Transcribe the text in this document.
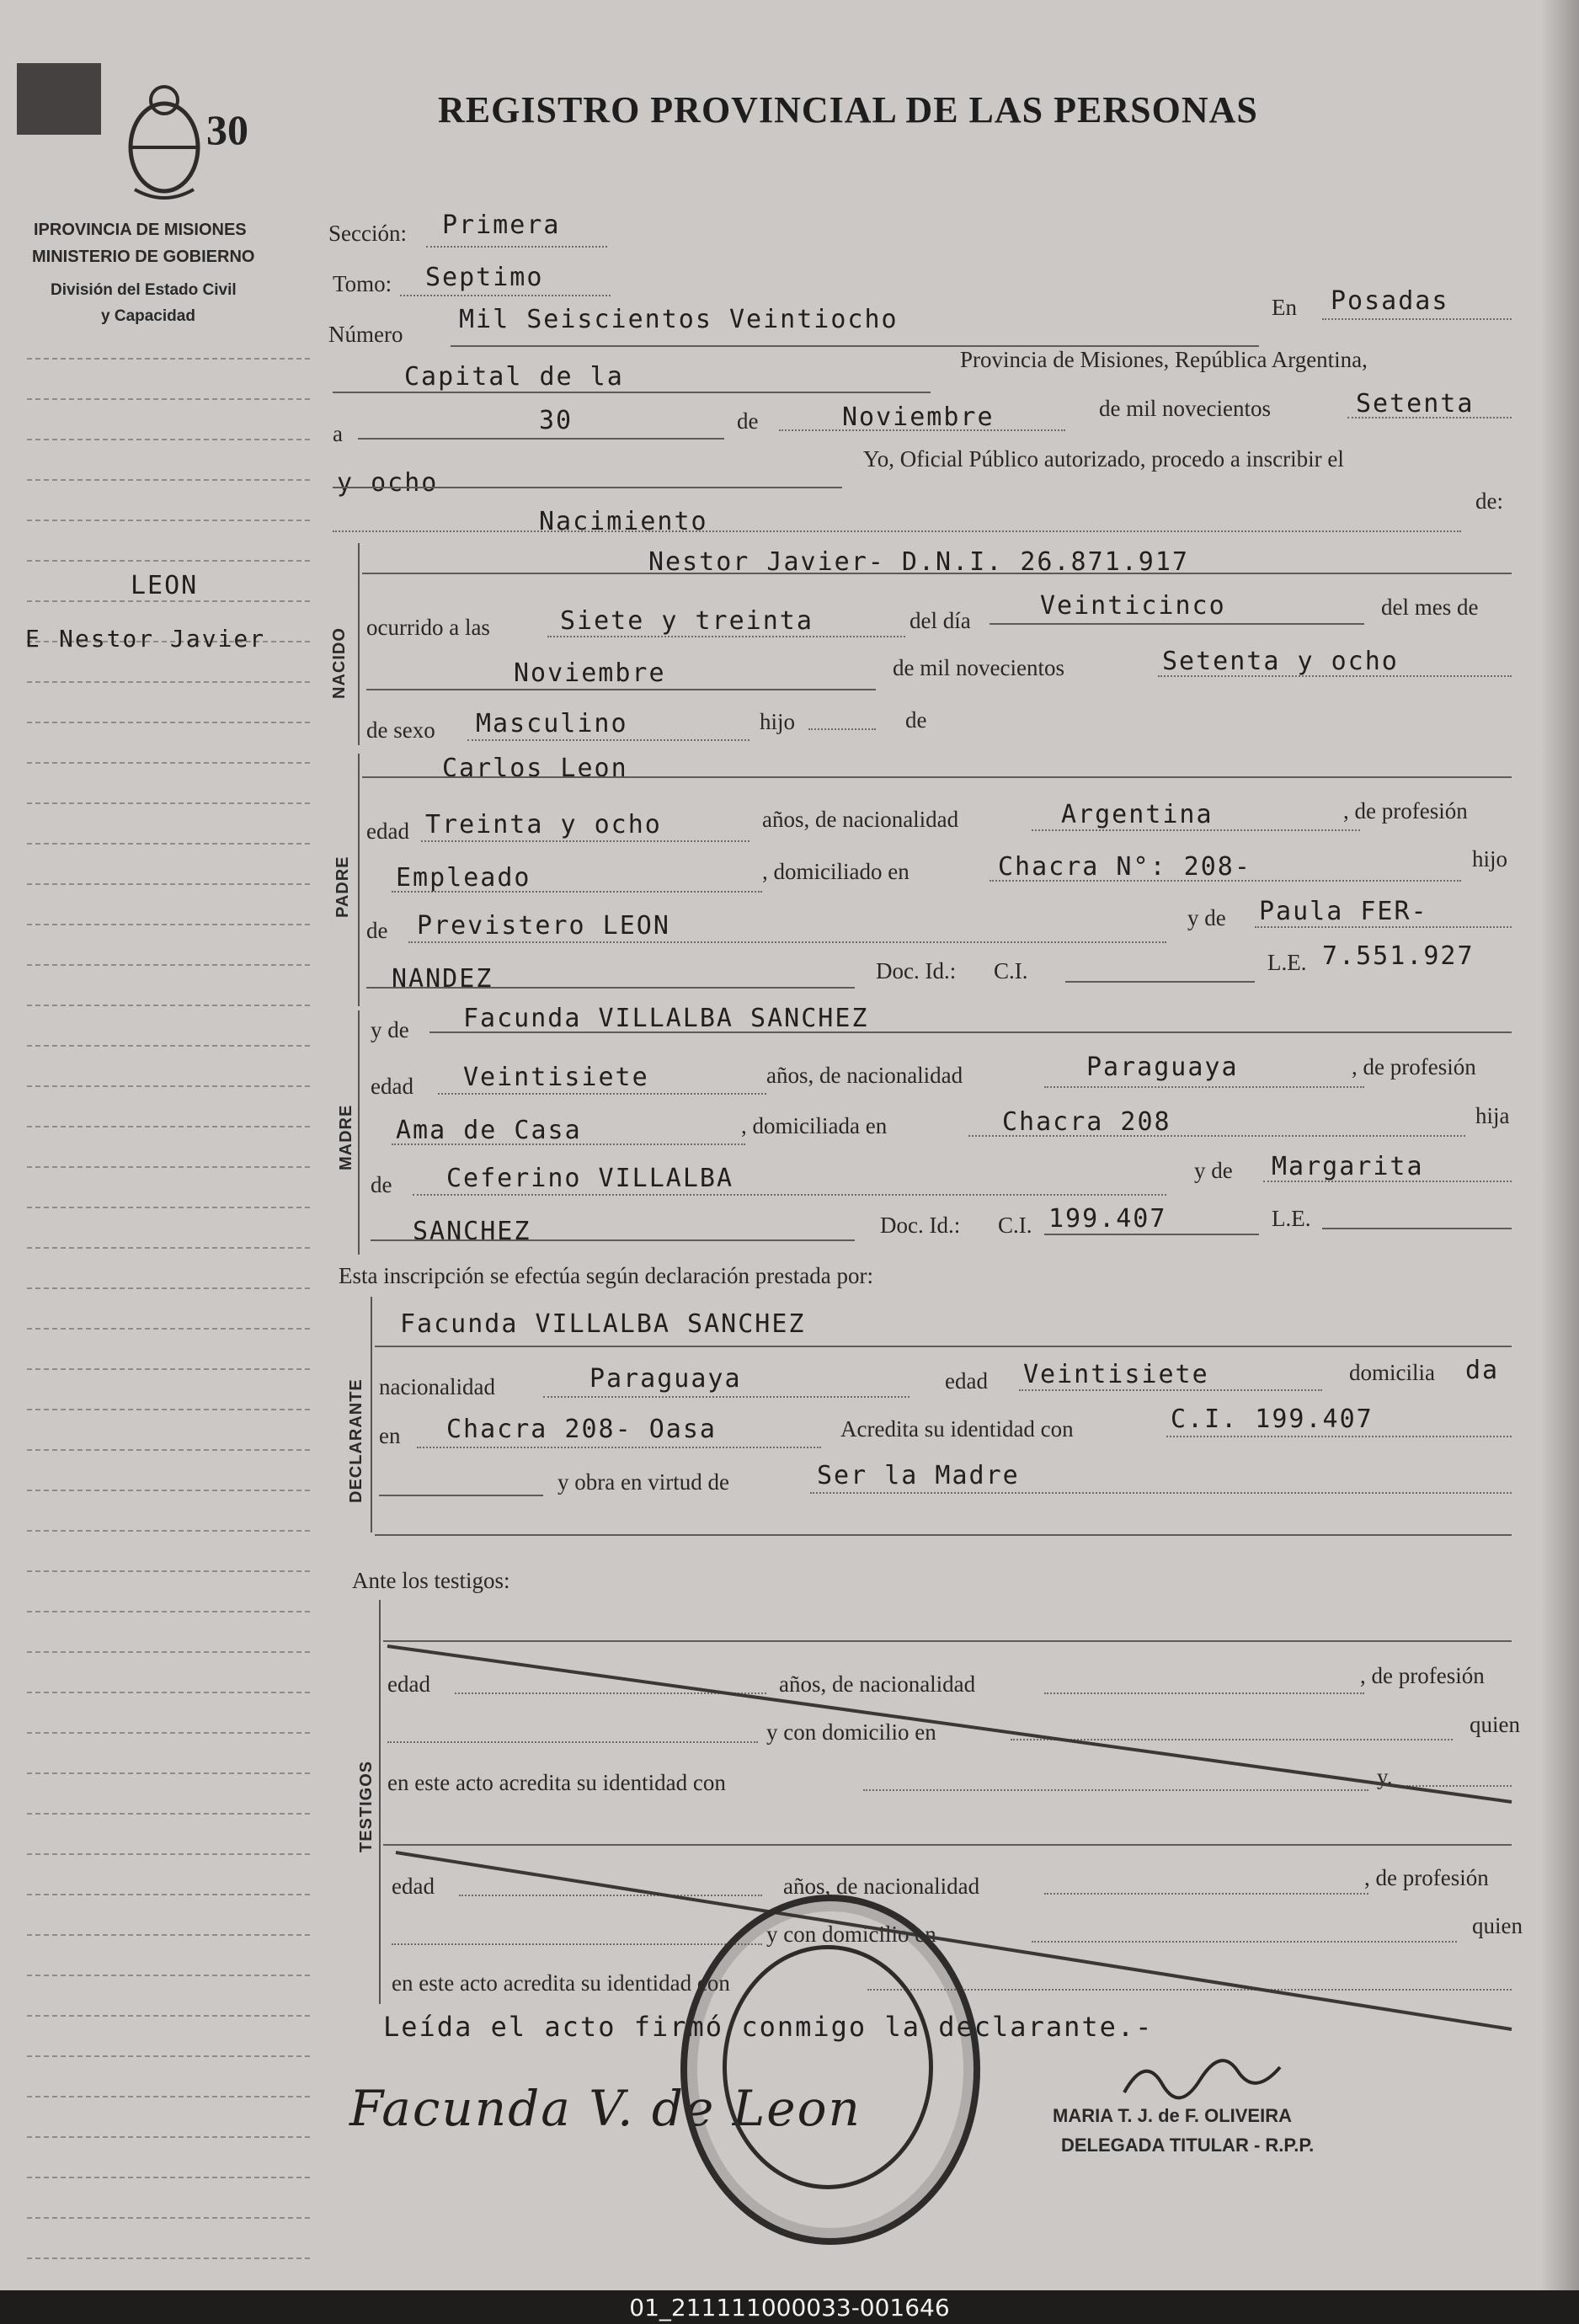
30	REGISTRO PROVINCIAL DE LAS PERSONAS
IPROVINCIA DE MISIONES
MINISTERIO DE GOBIERNO
División del Estado Civil
y Capacidad
LEON
E Nestor Javier
Sección: Primera
Tomo: Septimo
Número Mil Seiscientos Veintiocho	En Posadas
Capital de la
Provincia de Misiones, República Argentina,
a	30	de	Noviembre	de mil novecientos	Setenta
y ocho
Yo, Oficial Público autorizado, procedo a inscribir el
Nacimiento
de:
NACIDO
Nestor Javier- D.N.I. 26.871.917
ocurrido a las	Siete y treinta	del día	Veinticinco	del mes de
Noviembre	de mil novecientos	Setenta y ocho
de sexo Masculino	hijo	de
PADRE
Carlos Leon
edad Treinta y ocho	años, de nacionalidad	Argentina	, de profesión
Empleado	, domiciliado en	Chacra N°: 208-	hijo
de Previstero LEON	y de Paula FER-
NANDEZ	Doc. Id.: C.I.	L.E. 7.551.927
MADRE
y de Facunda VILLALBA SANCHEZ
edad Veintisiete	años, de nacionalidad	Paraguaya	, de profesión
Ama de Casa	, domiciliada en	Chacra 208	hija
de Ceferino VILLALBA	y de Margarita
SANCHEZ	Doc. Id.: C.I. 199.407	L.E.
Esta inscripción se efectúa según declaración prestada por:
DECLARANTE
Facunda VILLALBA SANCHEZ
nacionalidad	Paraguaya	edad Veintisiete	domicilia da
en Chacra 208- Oasa	Acredita su identidad con	C.I. 199.407
y obra en virtud de	Ser la Madre
Ante los testigos:
TESTIGOS
edad	años, de nacionalidad	, de profesión
y con domicilio en	quien
en este acto acredita su identidad con	y.
edad	años, de nacionalidad	, de profesión
y con domicilio en	quien
en este acto acredita su identidad con
Leída el acto firmó conmigo la declarante.-
Facunda V. de Leon	MARIA T. J. de F. OLIVEIRA
DELEGADA TITULAR - R.P.P.
01_211111000033-001646
